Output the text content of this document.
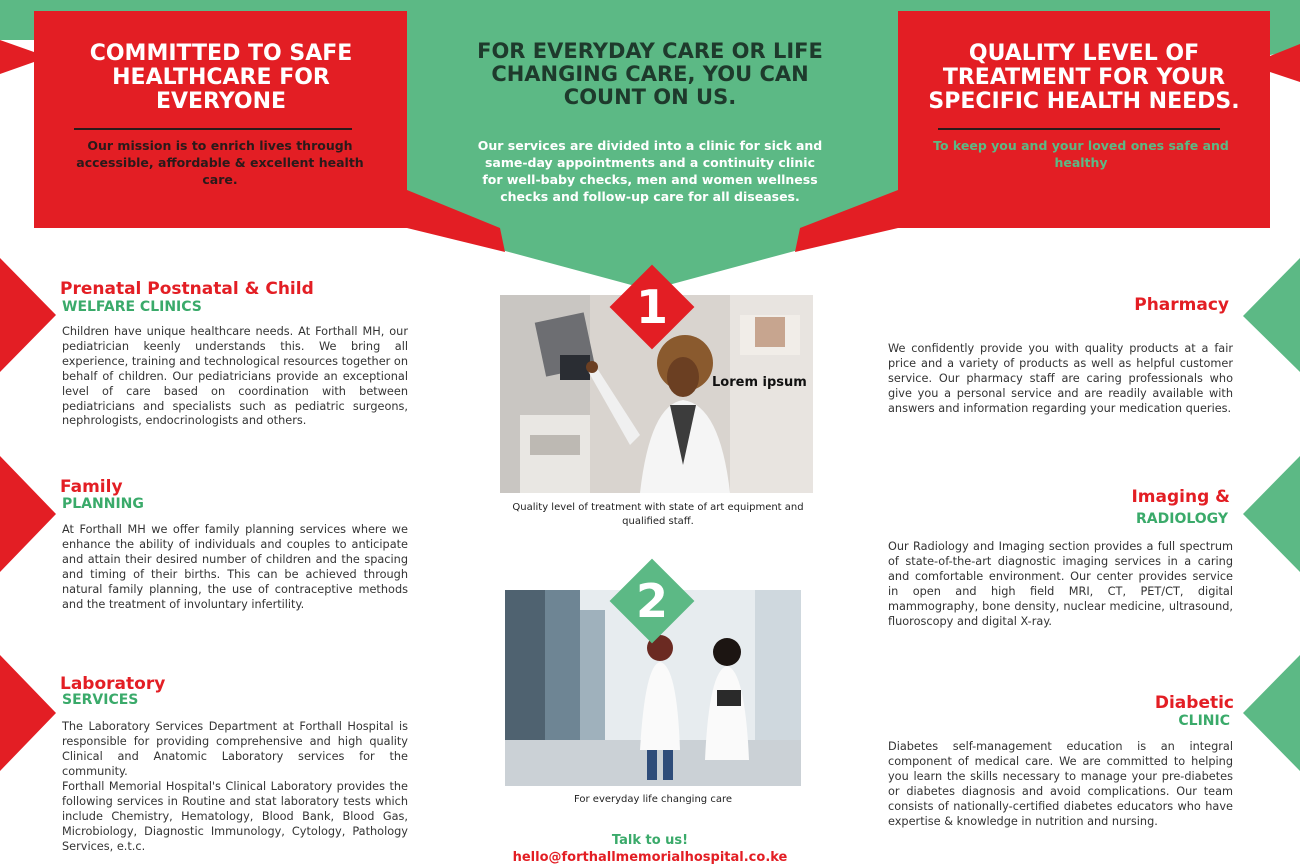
COMMITTED TO SAFE HEALTHCARE FOR EVERYONE
Our mission is to enrich lives through accessible, affordable & excellent health care.
FOR EVERYDAY CARE OR LIFE CHANGING CARE, YOU CAN COUNT ON US.
Our services are divided into a clinic for sick and same-day appointments and a continuity clinic for well-baby checks, men and women wellness checks and follow-up care for all diseases.
QUALITY LEVEL OF TREATMENT FOR YOUR SPECIFIC HEALTH NEEDS.
To keep you and your loved ones safe and healthy
Prenatal Postnatal & Child
WELFARE CLINICS
Children have unique healthcare needs. At Forthall MH, our pediatrician keenly understands this. We bring all experience, training and technological resources together on behalf of children. Our pediatricians provide an exceptional level of care based on coordination with between pediatricians and specialists such as pediatric surgeons, nephrologists, endocrinologists and others.
Family
PLANNING
At Forthall MH we offer family planning services where we enhance the ability of individuals and couples to anticipate and attain their desired number of children and the spacing and timing of their births. This can be achieved through natural family planning, the use of contraceptive methods and the treatment of involuntary infertility.
Laboratory
SERVICES
The Laboratory Services Department at Forthall Hospital is responsible for providing comprehensive and high quality Clinical and Anatomic Laboratory services for the community.
Forthall Memorial Hospital's Clinical Laboratory provides the following services in Routine and stat laboratory tests which include Chemistry, Hematology, Blood Bank, Blood Gas, Microbiology, Diagnostic Immunology, Cytology, Pathology Services, e.t.c.
Lorem ipsum
1
Quality level of treatment with state of art equipment and qualified staff.
2
For everyday life changing care
Talk to us!
hello@forthallmemorialhospital.co.ke
Pharmacy
We confidently provide you with quality products at a fair price and a variety of products as well as helpful customer service. Our pharmacy staff are caring professionals who give you a personal service and are readily available with answers and information regarding your medication queries.
Imaging &
RADIOLOGY
Our Radiology and Imaging section provides a full spectrum of state-of-the-art diagnostic imaging services in a caring and comfortable environment. Our center provides service in open and high field MRI, CT, PET/CT, digital mammography, bone density, nuclear medicine, ultrasound, fluoroscopy and digital X-ray.
Diabetic
CLINIC
Diabetes self-management education is an integral component of medical care. We are committed to helping you learn the skills necessary to manage your pre-diabetes or diabetes diagnosis and avoid complications. Our team consists of nationally-certified diabetes educators who have expertise & knowledge in nutrition and nursing.
